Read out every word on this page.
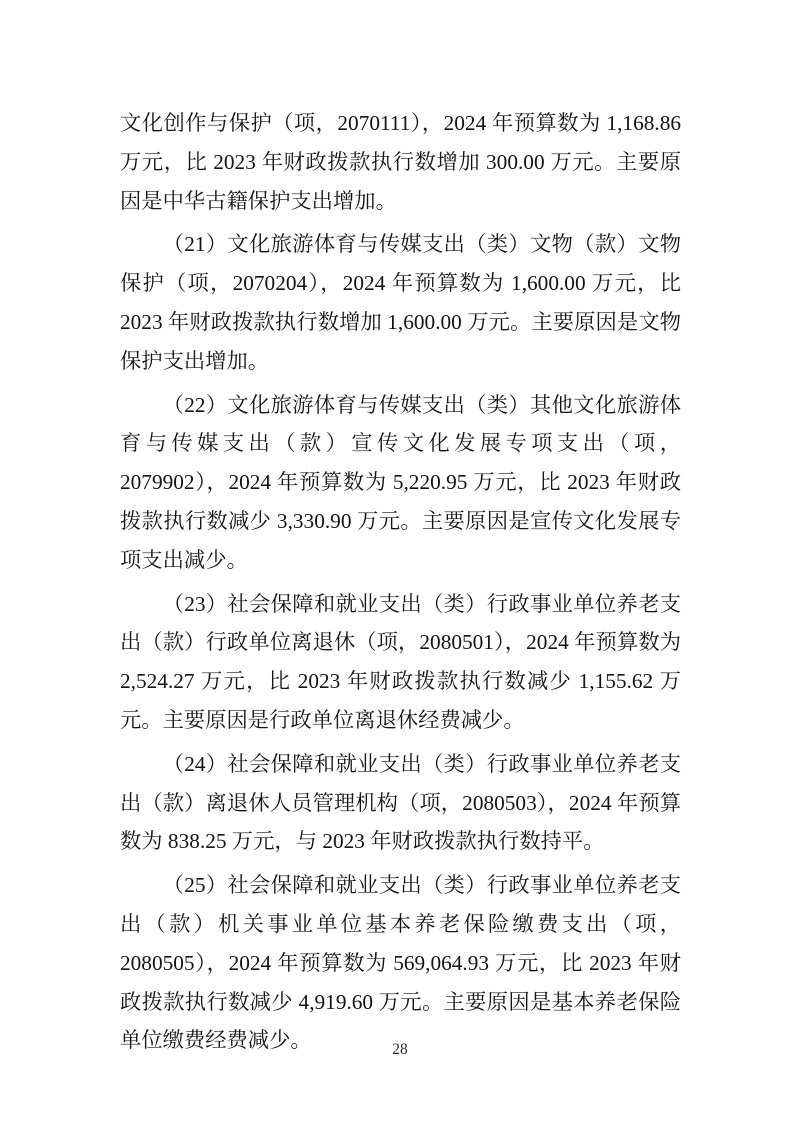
文化创作与保护（项，2070111），2024 年预算数为 1,168.86 万元，比 2023 年财政拨款执行数增加 300.00 万元。主要原因是中华古籍保护支出增加。

（21）文化旅游体育与传媒支出（类）文物（款）文物保护（项，2070204），2024 年预算数为 1,600.00 万元，比 2023 年财政拨款执行数增加 1,600.00 万元。主要原因是文物保护支出增加。

（22）文化旅游体育与传媒支出（类）其他文化旅游体育与传媒支出（款）宣传文化发展专项支出（项，2079902），2024 年预算数为 5,220.95 万元，比 2023 年财政拨款执行数减少 3,330.90 万元。主要原因是宣传文化发展专项支出减少。

（23）社会保障和就业支出（类）行政事业单位养老支出（款）行政单位离退休（项，2080501），2024 年预算数为 2,524.27 万元，比 2023 年财政拨款执行数减少 1,155.62 万元。主要原因是行政单位离退休经费减少。

（24）社会保障和就业支出（类）行政事业单位养老支出（款）离退休人员管理机构（项，2080503），2024 年预算数为 838.25 万元，与 2023 年财政拨款执行数持平。

（25）社会保障和就业支出（类）行政事业单位养老支出（款）机关事业单位基本养老保险缴费支出（项，2080505），2024 年预算数为 569,064.93 万元，比 2023 年财政拨款执行数减少 4,919.60 万元。主要原因是基本养老保险单位缴费经费减少。	28
